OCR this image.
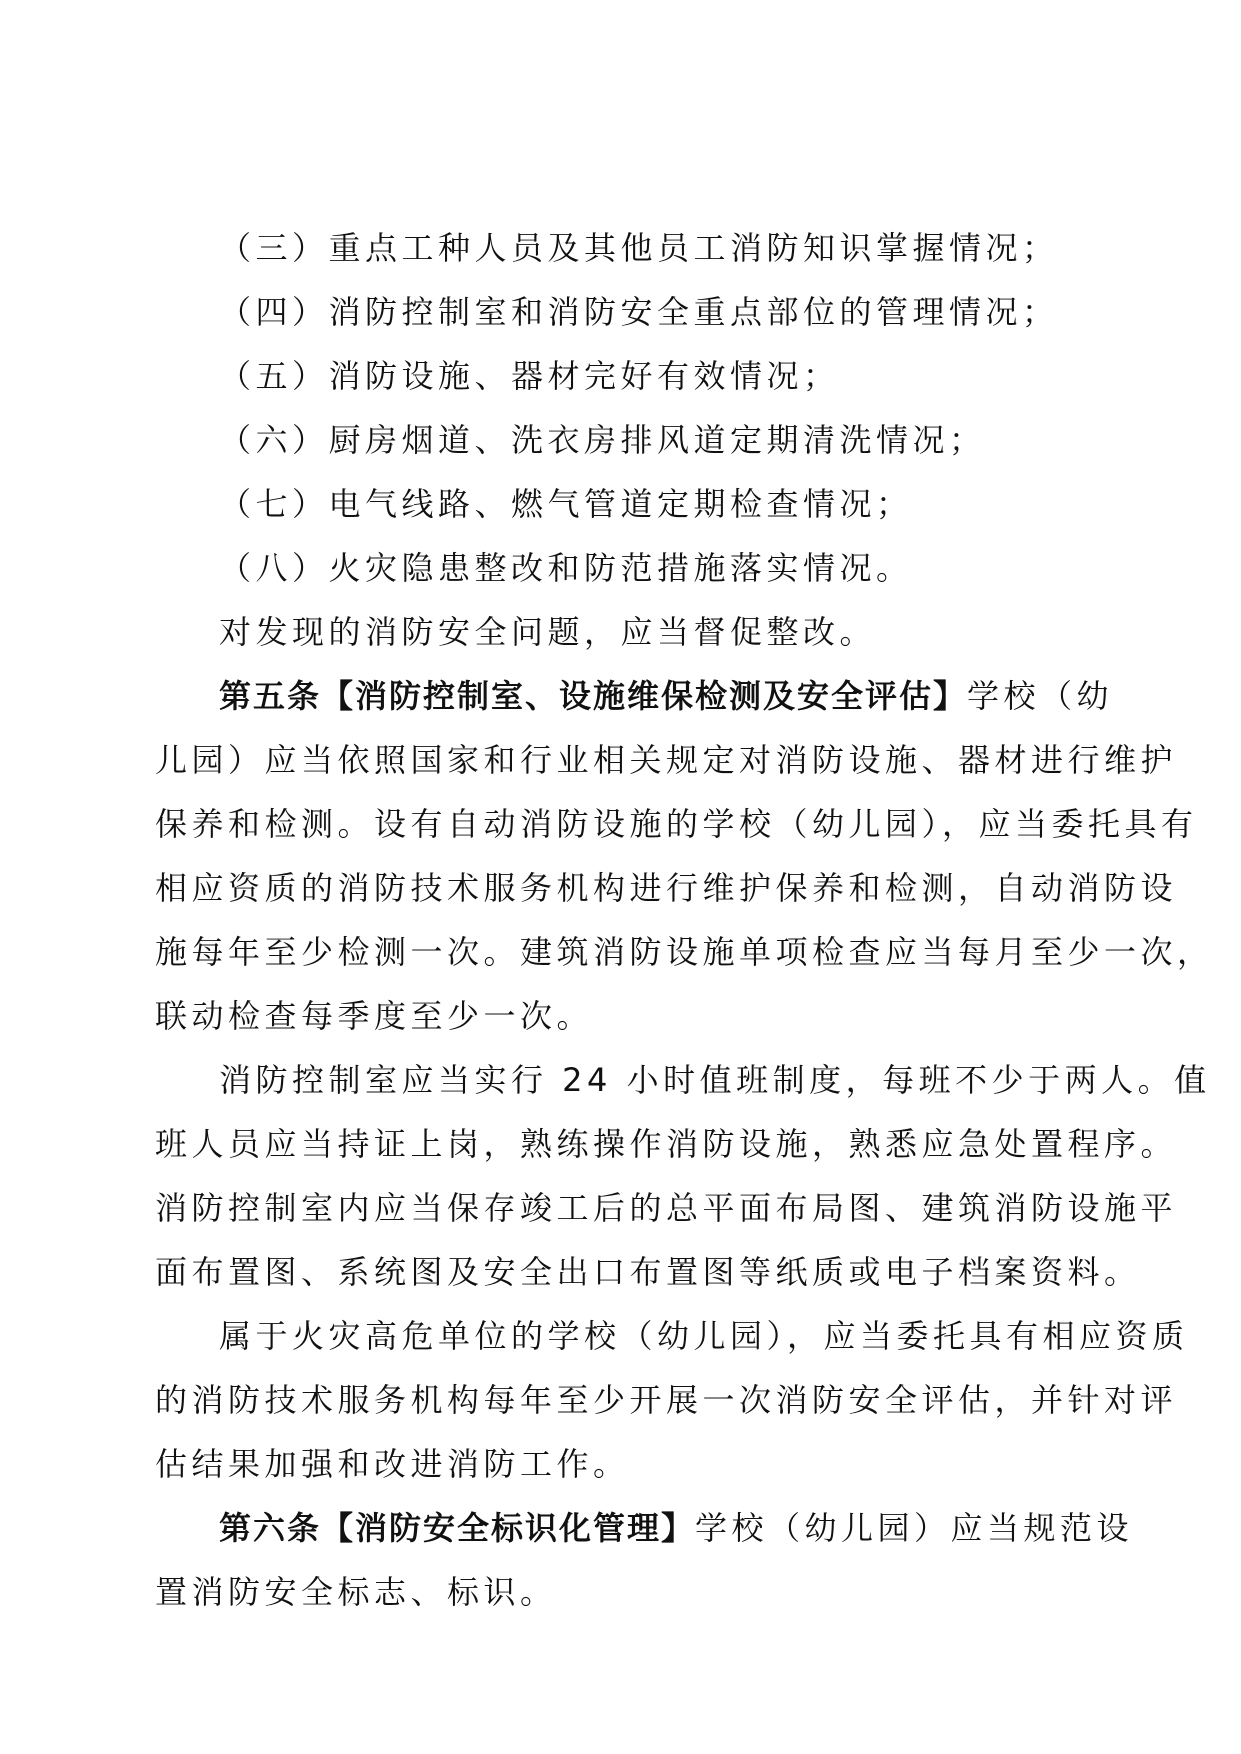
（三）重点工种人员及其他员工消防知识掌握情况；
（四）消防控制室和消防安全重点部位的管理情况；
（五）消防设施、器材完好有效情况；
（六）厨房烟道、洗衣房排风道定期清洗情况；
（七）电气线路、燃气管道定期检查情况；
（八）火灾隐患整改和防范措施落实情况。
对发现的消防安全问题，应当督促整改。
第五条【消防控制室、设施维保检测及安全评估】学校（幼
儿园）应当依照国家和行业相关规定对消防设施、器材进行维护
保养和检测。设有自动消防设施的学校（幼儿园），应当委托具有
相应资质的消防技术服务机构进行维护保养和检测，自动消防设
施每年至少检测一次。建筑消防设施单项检查应当每月至少一次，
联动检查每季度至少一次。
消防控制室应当实行 24 小时值班制度，每班不少于两人。值
班人员应当持证上岗，熟练操作消防设施，熟悉应急处置程序。
消防控制室内应当保存竣工后的总平面布局图、建筑消防设施平
面布置图、系统图及安全出口布置图等纸质或电子档案资料。
属于火灾高危单位的学校（幼儿园），应当委托具有相应资质
的消防技术服务机构每年至少开展一次消防安全评估，并针对评
估结果加强和改进消防工作。
第六条【消防安全标识化管理】学校（幼儿园）应当规范设
置消防安全标志、标识。
